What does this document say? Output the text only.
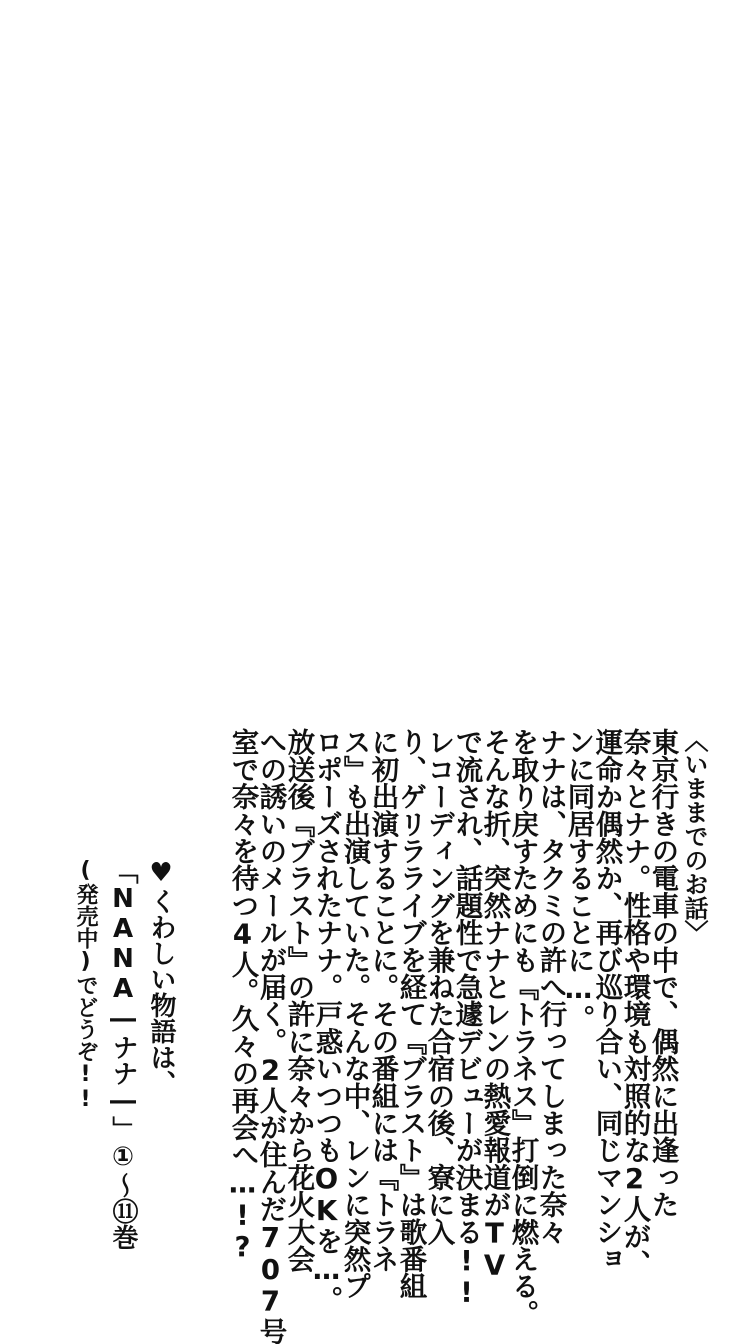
〈いままでのお話〉
東京行きの電車の中で、偶然に出逢った
奈々とナナ。性格や環境も対照的な2人が、
運命か偶然か、再び巡り合い、同じマンショ
ンに同居することに…。
ナナは、タクミの許へ行ってしまった奈々
を取り戻すためにも『トラネス』打倒に燃える。
そんな折、突然ナナとレンの熱愛報道がTV
で流され、話題性で急遽デビューが決まる!!
レコーディングを兼ねた合宿の後、寮に入
り、ゲリラライブを経て『ブラスト』は歌番組
に初出演することに。その番組には『トラネ
ス』も出演していた。そんな中、レンに突然プ
ロポーズされたナナ。戸惑いつつもOKを…。
放送後『ブラスト』の許に奈々から花火大会
への誘いのメールが届く。2人が住んだ707号
室で奈々を待つ4人。久々の再会へ…!?
♥くわしい物語は、
「NANA―ナナ―」①〜⑪巻
(発売中)でどうぞ!!
